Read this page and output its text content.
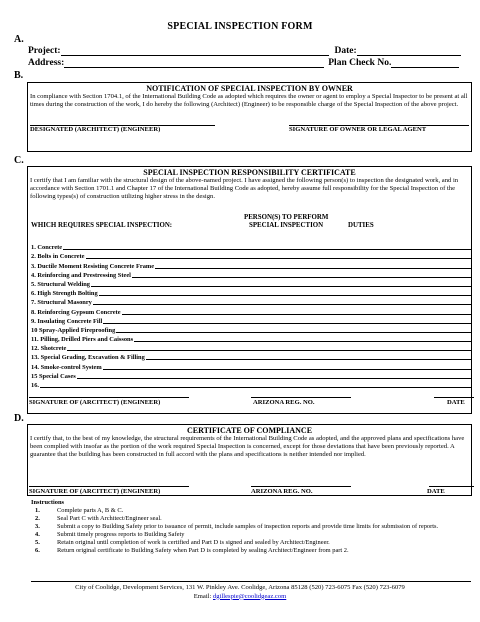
SPECIAL INSPECTION FORM
A.
Project:	Date:
Address:	Plan Check No.
B.
NOTIFICATION OF SPECIAL INSPECTION BY OWNER
In compliance with Section 1704.1, of the International Building Code as adopted which requires the owner or agent to employ a Special Inspector to be present at all times during the construction of the work, I do hereby the following (Architect) (Engineer) to be responsible charge of the Special Inspection of the above project.
DESIGNATED (ARCHITECT) (ENGINEER)	SIGNATURE OF OWNER OR LEGAL AGENT
C.
SPECIAL INSPECTION RESPONSIBILITY CERTIFICATE
I certify that I am familiar with the structural design of the above-named project. I have assigned the following person(s) to inspection the designated work, and in accordance with Section 1701.1 and Chapter 17 of the International Building Code as adopted, hereby assume full responsibility for the Special Inspection of the following types(s) of construction utilizing higher stress in the design.
PERSON(S) TO PERFORM
WHICH REQUIRES SPECIAL INSPECTION:	SPECIAL INSPECTION	DUTIES
1. Concrete
2. Bolts in Concrete
3. Ductile Moment Resisting Concrete Frame
4. Reinforcing and Prestressing Steel
5. Structural Welding
6. High Strength Bolting
7. Structural Masonry
8. Reinforcing Gypsum Concrete
9. Insulating Concrete Fill
10 Spray-Applied Fireproofing
11. Pilling, Drilled Piers and Caissons
12. Shotcrete
13. Special Grading, Excavation & Filling
14. Smoke-control System
15 Special Cases
16.
SIGNATURE OF (ARCITECT) (ENGINEER)	ARIZONA REG. NO.	DATE
D.
CERTIFICATE OF COMPLIANCE
I certify that, to the best of my knowledge, the structural requirements of the International Building Code as adopted, and the approved plans and specifications have been complied with insofar as the portion of the work required Special Inspection is concerned, except for those deviations that have been previously reported. A guarantee that the building has been constructed in full accord with the plans and specifications is neither intended nor implied.
SIGNATURE OF (ARCITECT) (ENGINEER)	ARIZONA REG. NO.	DATE
Instructions
1.	Complete parts A, B & C.
2.	Seal Part C with Architect/Engineer seal.
3.	Submit a copy to Building Safety prior to issuance of permit, include samples of inspection reports and provide time limits for submission of reports.
4.	Submit timely progress reports to Building Safety
5.	Retain original until completion of work is certified and Part D is signed and sealed by Architect/Engineer.
6.	Return original certificate to Building Safety when Part D is completed by sealing Architect/Engineer from part 2.
City of Coolidge, Development Services, 131 W. Pinkley Ave. Coolidge, Arizona 85128 (520) 723-6075 Fax (520) 723-6079
Email: dgillespie@coolidgeaz.com
